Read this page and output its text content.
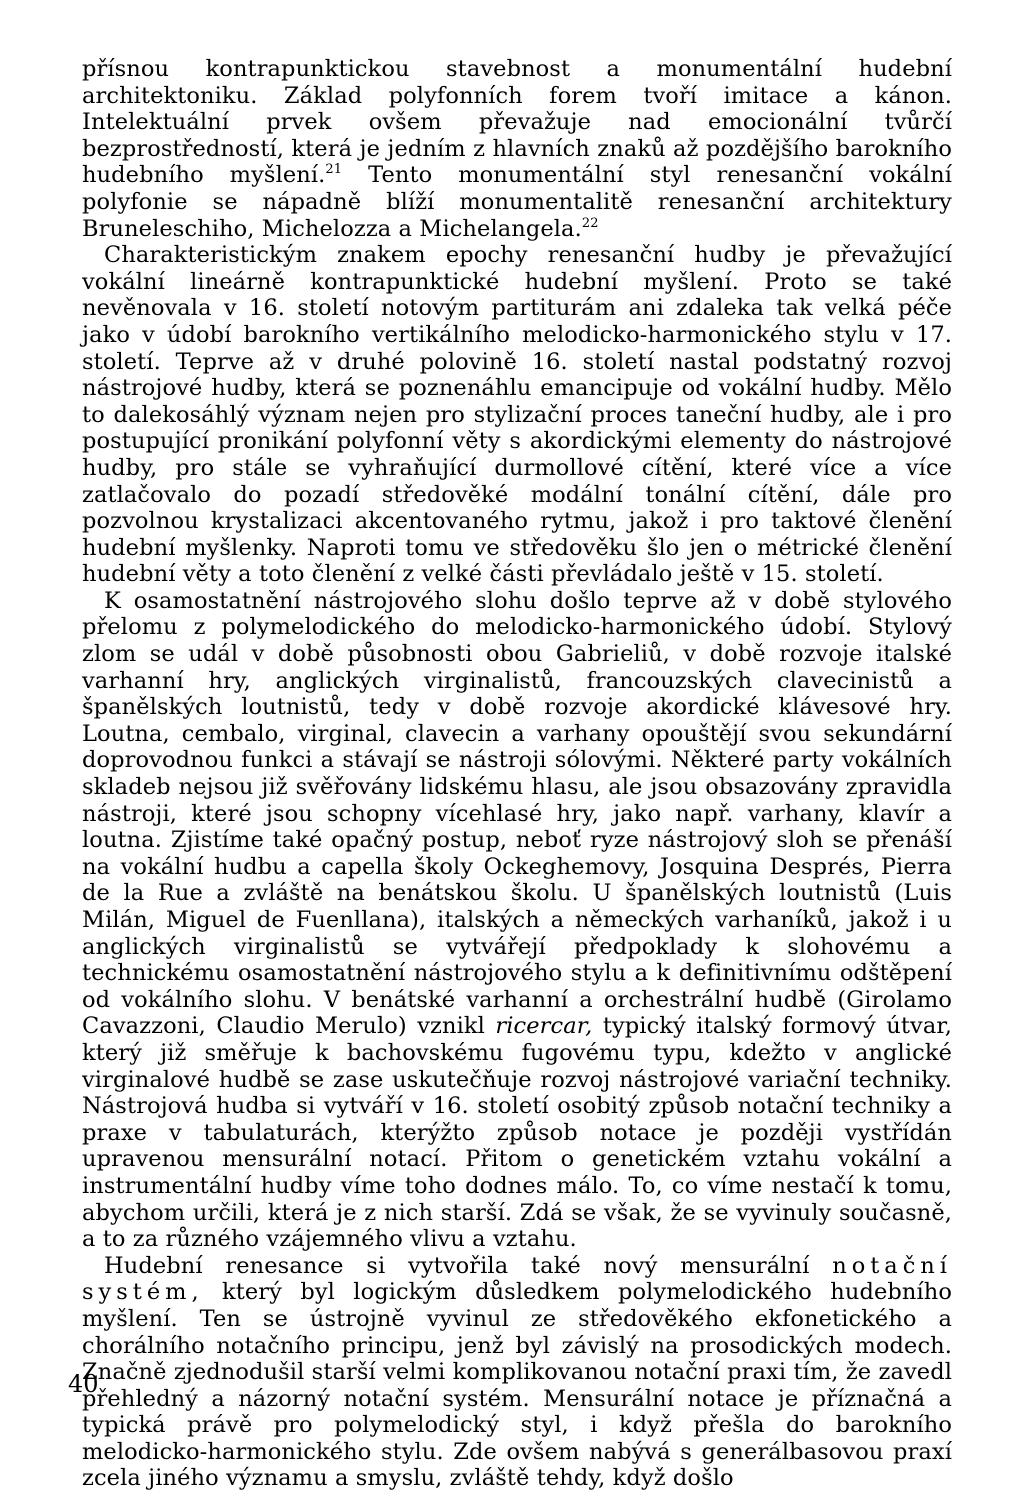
přísnou kontrapunktickou stavebnost a monumentální hudební architektoniku. Základ polyfonních forem tvoří imitace a kánon. Intelektuální prvek ovšem převažuje nad emocionální tvůrčí bezprostředností, která je jedním z hlavních znaků až pozdějšího barokního hudebního myšlení.$^{21}$ Tento monumentální styl renesanční vokální polyfonie se nápadně blíží monumentalitě renesanční architektury Bruneleschiho, Michelozza a Michelangela.$^{22}$

Charakteristickým znakem epochy renesanční hudby je převažující vokální lineárně kontrapunktické hudební myšlení. Proto se také nevěnovala v 16. století notovým partiturám ani zdaleka tak velká péče jako v údobí barokního vertikálního melodicko-harmonického stylu v 17. století. Teprve až v druhé polovině 16. století nastal podstatný rozvoj nástrojové hudby, která se poznenáhlu emancipuje od vokální hudby. Mělo to dalekosáhlý význam nejen pro stylizační proces taneční hudby, ale i pro postupující pronikání polyfonní věty s akordickými elementy do nástrojové hudby, pro stále se vyhraňující durmollové cítění, které více a více zatlačovalo do pozadí středověké modální tonální cítění, dále pro pozvolnou krystalizaci akcentovaného rytmu, jakož i pro taktové členění hudební myšlenky. Naproti tomu ve středověku šlo jen o métrické členění hudební věty a toto členění z velké části převládalo ještě v 15. století.

K osamostatnění nástrojového slohu došlo teprve až v době stylového přelomu z polymelodického do melodicko-harmonického údobí. Stylový zlom se udál v době působnosti obou Gabrieliů, v době rozvoje italské varhanní hry, anglických virginalistů, francouzských clavecinistů a španělských loutnistů, tedy v době rozvoje akordické klávesové hry. Loutna, cembalo, virginal, clavecin a varhany opouštějí svou sekundární doprovodnou funkci a stávají se nástroji sólovými. Některé party vokálních skladeb nejsou již svěřovány lidskému hlasu, ale jsou obsazovány zpravidla nástroji, které jsou schopny vícehlasé hry, jako např. varhany, klavír a loutna. Zjistíme také opačný postup, neboť ryze nástrojový sloh se přenáší na vokální hudbu a capella školy Ockeghemovy, Josquina Després, Pierra de la Rue a zvláště na benátskou školu. U španělských loutnistů (Luis Milán, Miguel de Fuenllana), italských a německých varhaníků, jakož i u anglických virginalistů se vytvářejí předpoklady k slohovému a technickému osamostatnění nástrojového stylu a k definitivnímu odštěpení od vokálního slohu. V benátské varhanní a orchestrální hudbě (Girolamo Cavazzoni, Claudio Merulo) vznikl ricercar, typický italský formový útvar, který již směřuje k bachovskému fugovému typu, kdežto v anglické virginalové hudbě se zase uskutečňuje rozvoj nástrojové variační techniky. Nástrojová hudba si vytváří v 16. století osobitý způsob notační techniky a praxe v tabulaturách, kterýžto způsob notace je později vystřídán upravenou mensurální notací. Přitom o genetickém vztahu vokální a instrumentální hudby víme toho dodnes málo. To, co víme nestačí k tomu, abychom určili, která je z nich starší. Zdá se však, že se vyvinuly současně, a to za různého vzájemného vlivu a vztahu.

Hudební renesance si vytvořila také nový mensurální notační systém, který byl logickým důsledkem polymelodického hudebního myšlení. Ten se ústrojně vyvinul ze středověkého ekfonetického a chorálního notačního principu, jenž byl závislý na prosodických modech. Značně zjednodušil starší velmi komplikovanou notační praxi tím, že zavedl přehledný a názorný notační systém. Mensurální notace je příznačná a typická právě pro polymelodický styl, i když přešla do barokního melodicko-harmonického stylu. Zde ovšem nabývá s generálbasovou praxí zcela jiného významu a smyslu, zvláště tehdy, když došlo

40
